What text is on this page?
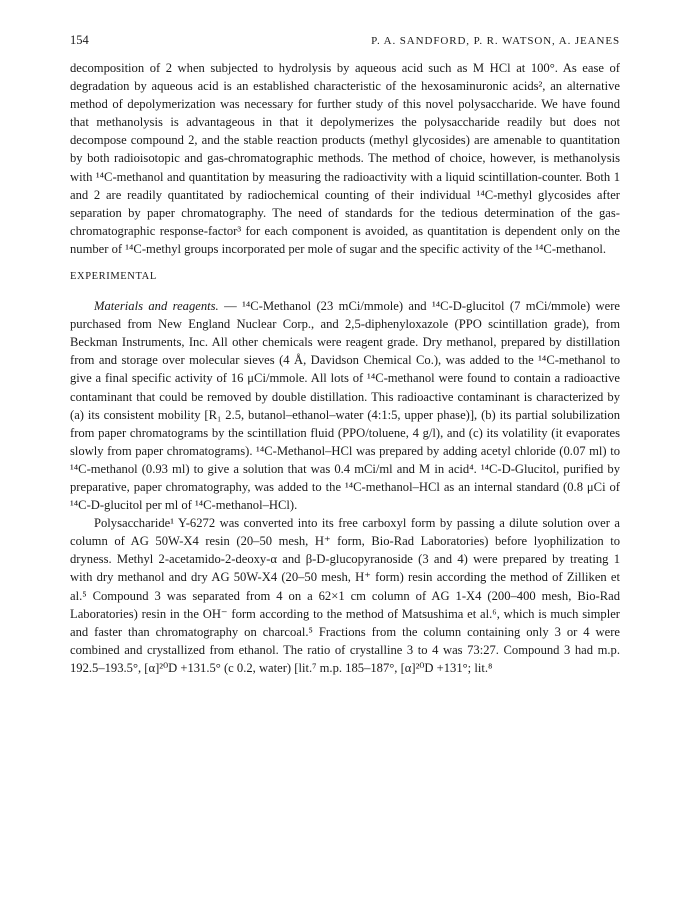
154	P. A. SANDFORD, P. R. WATSON, A. JEANES

decomposition of 2 when subjected to hydrolysis by aqueous acid such as M HCl at 100°. As ease of degradation by aqueous acid is an established characteristic of the hexosaminuronic acids², an alternative method of depolymerization was necessary for further study of this novel polysaccharide. We have found that methanolysis is advantageous in that it depolymerizes the polysaccharide readily but does not decompose compound 2, and the stable reaction products (methyl glycosides) are amenable to quantitation by both radioisotopic and gas-chromatographic methods. The method of choice, however, is methanolysis with ¹⁴C-methanol and quantitation by measuring the radioactivity with a liquid scintillation-counter. Both 1 and 2 are readily quantitated by radiochemical counting of their individual ¹⁴C-methyl glycosides after separation by paper chromatography. The need of standards for the tedious determination of the gas-chromatographic response-factor³ for each component is avoided, as quantitation is dependent only on the number of ¹⁴C-methyl groups incorporated per mole of sugar and the specific activity of the ¹⁴C-methanol.

EXPERIMENTAL

Materials and reagents. — ¹⁴C-Methanol (23 mCi/mmole) and ¹⁴C-D-glucitol (7 mCi/mmole) were purchased from New England Nuclear Corp., and 2,5-diphenyloxazole (PPO scintillation grade), from Beckman Instruments, Inc. All other chemicals were reagent grade. Dry methanol, prepared by distillation from and storage over molecular sieves (4 Å, Davidson Chemical Co.), was added to the ¹⁴C-methanol to give a final specific activity of 16 μCi/mmole. All lots of ¹⁴C-methanol were found to contain a radioactive contaminant that could be removed by double distillation. This radioactive contaminant is characterized by (a) its consistent mobility [R₁ 2.5, butanol–ethanol–water (4:1:5, upper phase)], (b) its partial solubilization from paper chromatograms by the scintillation fluid (PPO/toluene, 4 g/l), and (c) its volatility (it evaporates slowly from paper chromatograms). ¹⁴C-Methanol–HCl was prepared by adding acetyl chloride (0.07 ml) to ¹⁴C-methanol (0.93 ml) to give a solution that was 0.4 mCi/ml and M in acid⁴. ¹⁴C-D-Glucitol, purified by preparative, paper chromatography, was added to the ¹⁴C-methanol–HCl as an internal standard (0.8 μCi of ¹⁴C-D-glucitol per ml of ¹⁴C-methanol–HCl).

Polysaccharide¹ Y-6272 was converted into its free carboxyl form by passing a dilute solution over a column of AG 50W-X4 resin (20–50 mesh, H⁺ form, Bio-Rad Laboratories) before lyophilization to dryness. Methyl 2-acetamido-2-deoxy-α and β-D-glucopyranoside (3 and 4) were prepared by treating 1 with dry methanol and dry AG 50W-X4 (20–50 mesh, H⁺ form) resin according the method of Zilliken et al.⁵ Compound 3 was separated from 4 on a 62×1 cm column of AG 1-X4 (200–400 mesh, Bio-Rad Laboratories) resin in the OH⁻ form according to the method of Matsushima et al.⁶, which is much simpler and faster than chromatography on charcoal.⁵ Fractions from the column containing only 3 or 4 were combined and crystallized from ethanol. The ratio of crystalline 3 to 4 was 73:27. Compound 3 had m.p. 192.5–193.5°, [α]²⁰D +131.5° (c 0.2, water) [lit.⁷ m.p. 185–187°, [α]²⁰D +131°; lit.⁸
